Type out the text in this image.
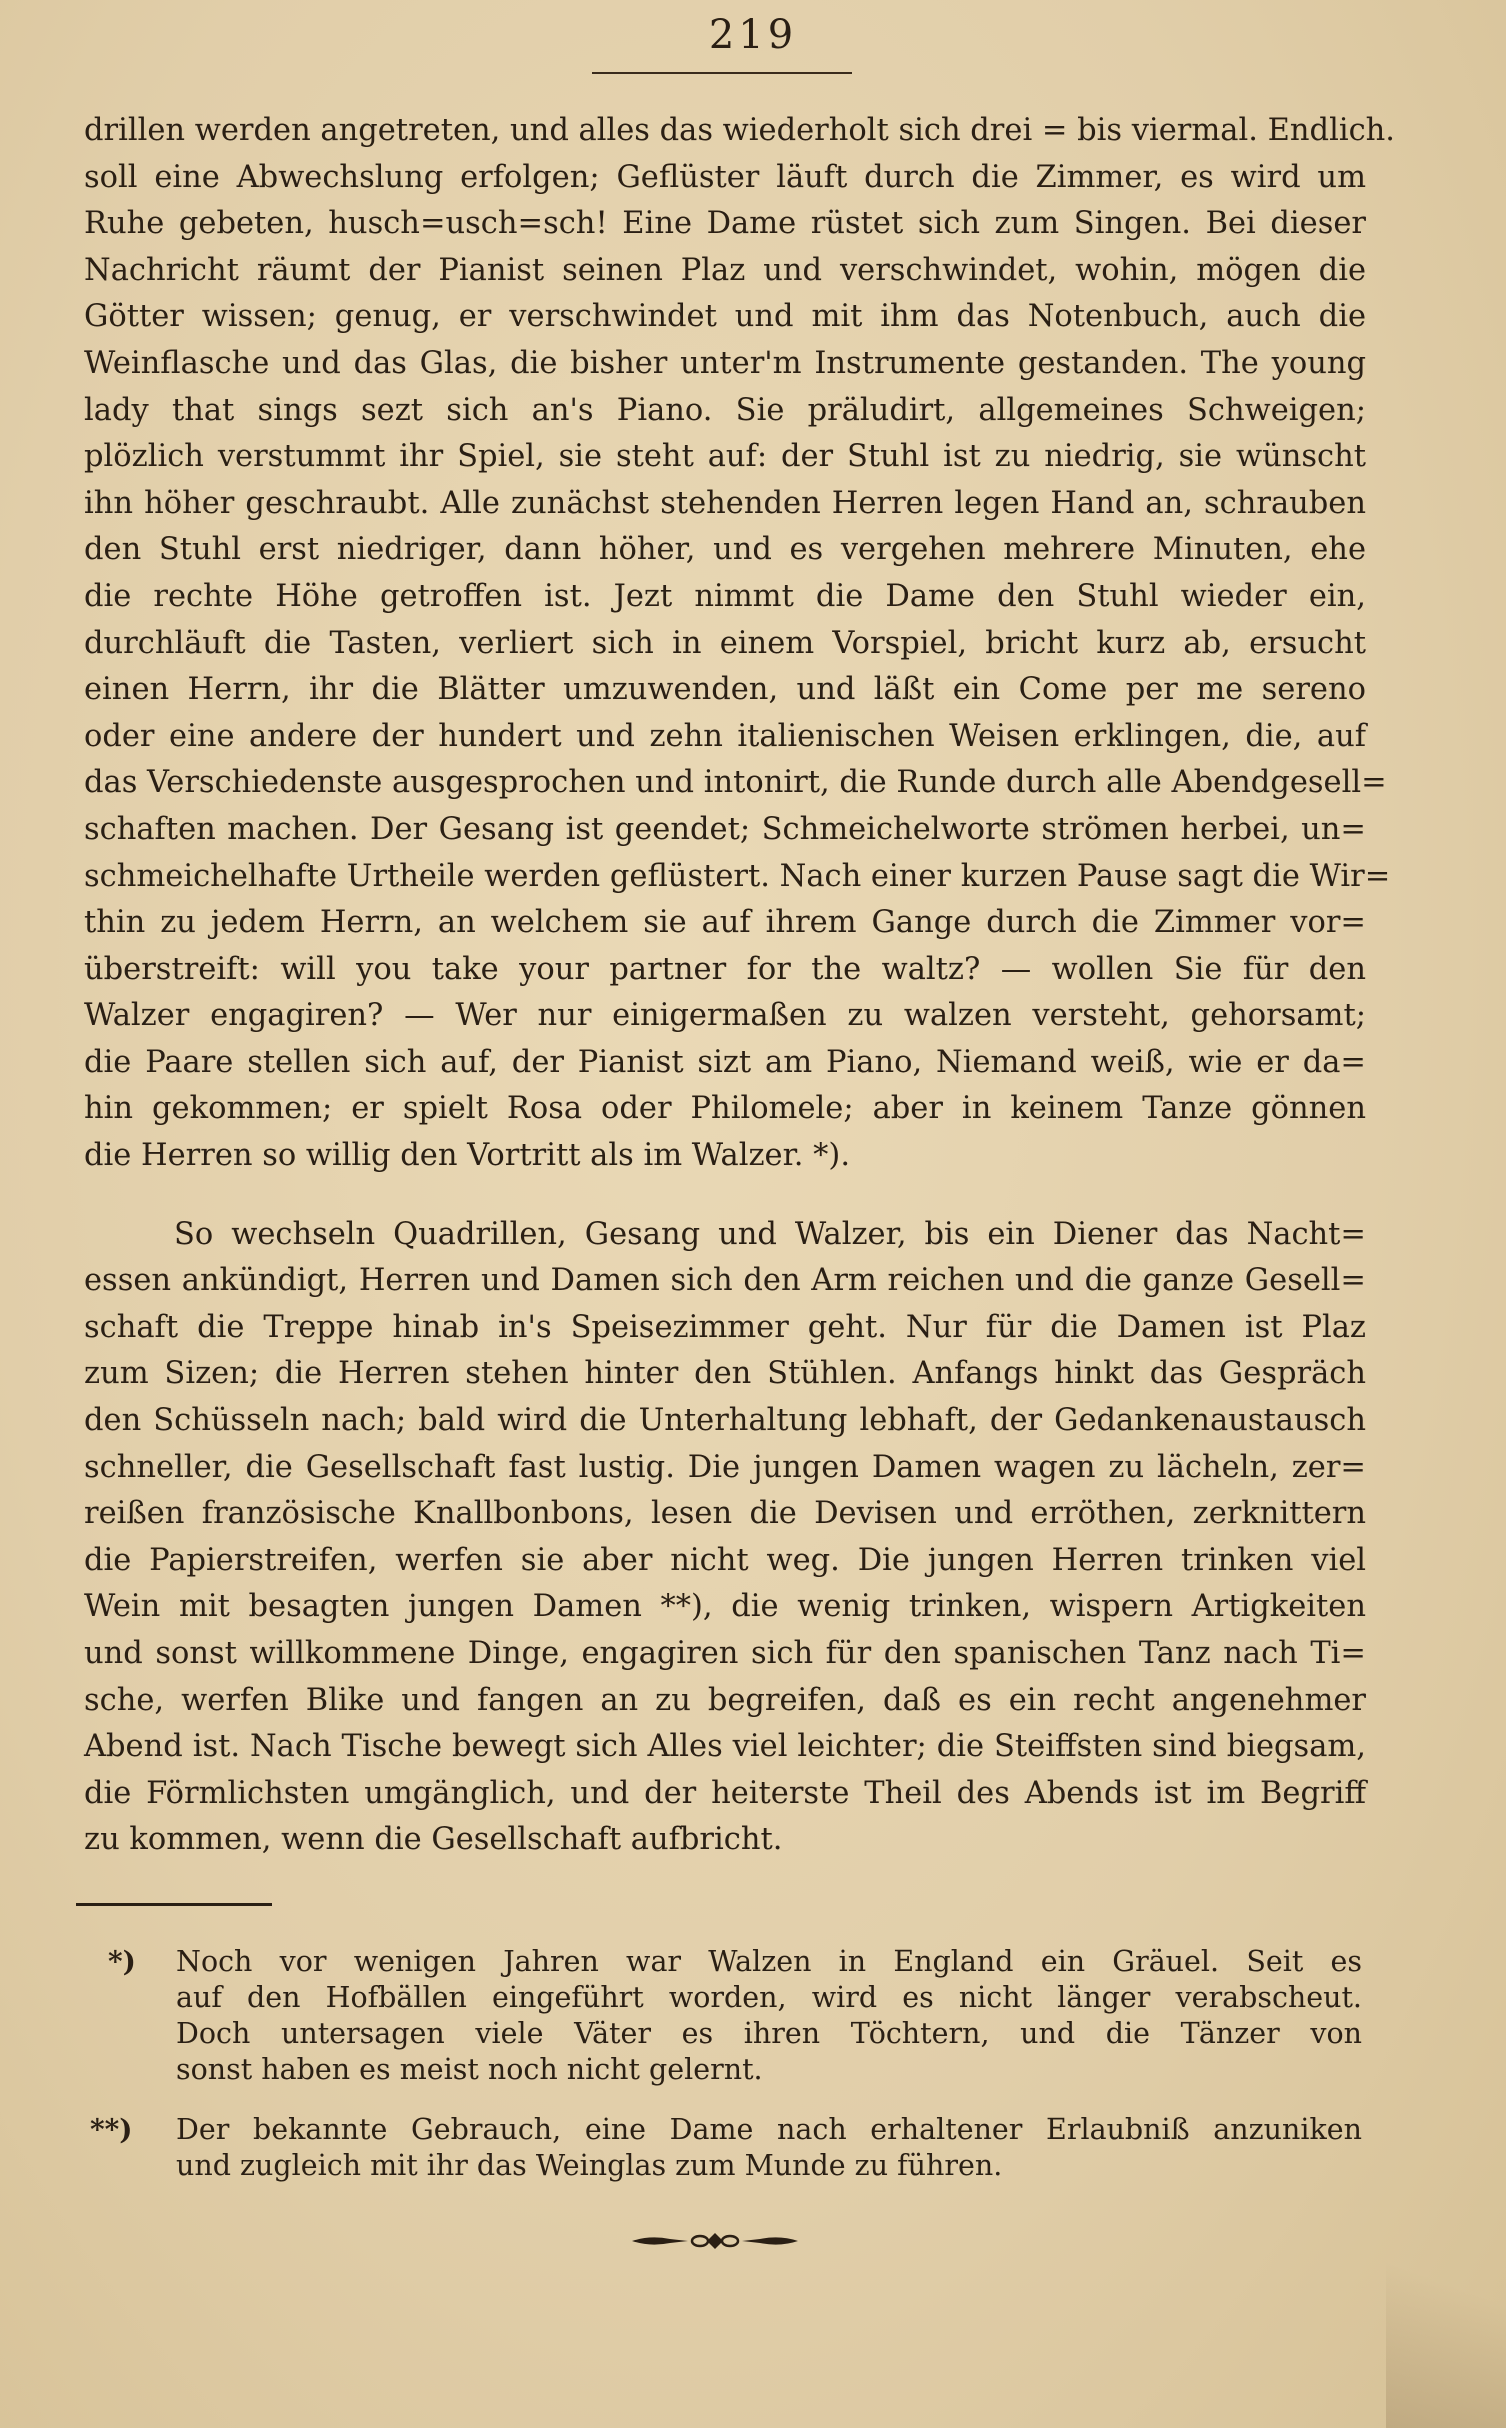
219
drillen werden angetreten, und alles das wiederholt sich drei = bis viermal. Endlich.
soll eine Abwechslung erfolgen; Geflüster läuft durch die Zimmer, es wird um
Ruhe gebeten, husch=usch=sch! Eine Dame rüstet sich zum Singen. Bei dieser
Nachricht räumt der Pianist seinen Plaz und verschwindet, wohin, mögen die
Götter wissen; genug, er verschwindet und mit ihm das Notenbuch, auch die
Weinflasche und das Glas, die bisher unter'm Instrumente gestanden. The young
lady that sings sezt sich an's Piano. Sie präludirt, allgemeines Schweigen;
plözlich verstummt ihr Spiel, sie steht auf: der Stuhl ist zu niedrig, sie wünscht
ihn höher geschraubt. Alle zunächst stehenden Herren legen Hand an, schrauben
den Stuhl erst niedriger, dann höher, und es vergehen mehrere Minuten, ehe
die rechte Höhe getroffen ist. Jezt nimmt die Dame den Stuhl wieder ein,
durchläuft die Tasten, verliert sich in einem Vorspiel, bricht kurz ab, ersucht
einen Herrn, ihr die Blätter umzuwenden, und läßt ein Come per me sereno
oder eine andere der hundert und zehn italienischen Weisen erklingen, die, auf
das Verschiedenste ausgesprochen und intonirt, die Runde durch alle Abendgesell=
schaften machen. Der Gesang ist geendet; Schmeichelworte strömen herbei, un=
schmeichelhafte Urtheile werden geflüstert. Nach einer kurzen Pause sagt die Wir=
thin zu jedem Herrn, an welchem sie auf ihrem Gange durch die Zimmer vor=
überstreift: will you take your partner for the waltz? — wollen Sie für den
Walzer engagiren? — Wer nur einigermaßen zu walzen versteht, gehorsamt;
die Paare stellen sich auf, der Pianist sizt am Piano, Niemand weiß, wie er da=
hin gekommen; er spielt Rosa oder Philomele; aber in keinem Tanze gönnen
die Herren so willig den Vortritt als im Walzer. *).
So wechseln Quadrillen, Gesang und Walzer, bis ein Diener das Nacht=
essen ankündigt, Herren und Damen sich den Arm reichen und die ganze Gesell=
schaft die Treppe hinab in's Speisezimmer geht. Nur für die Damen ist Plaz
zum Sizen; die Herren stehen hinter den Stühlen. Anfangs hinkt das Gespräch
den Schüsseln nach; bald wird die Unterhaltung lebhaft, der Gedankenaustausch
schneller, die Gesellschaft fast lustig. Die jungen Damen wagen zu lächeln, zer=
reißen französische Knallbonbons, lesen die Devisen und erröthen, zerknittern
die Papierstreifen, werfen sie aber nicht weg. Die jungen Herren trinken viel
Wein mit besagten jungen Damen **), die wenig trinken, wispern Artigkeiten
und sonst willkommene Dinge, engagiren sich für den spanischen Tanz nach Ti=
sche, werfen Blike und fangen an zu begreifen, daß es ein recht angenehmer
Abend ist. Nach Tische bewegt sich Alles viel leichter; die Steiffsten sind biegsam,
die Förmlichsten umgänglich, und der heiterste Theil des Abends ist im Begriff
zu kommen, wenn die Gesellschaft aufbricht.
*) Noch vor wenigen Jahren war Walzen in England ein Gräuel. Seit es
auf den Hofbällen eingeführt worden, wird es nicht länger verabscheut.
Doch untersagen viele Väter es ihren Töchtern, und die Tänzer von
sonst haben es meist noch nicht gelernt.
**) Der bekannte Gebrauch, eine Dame nach erhaltener Erlaubniß anzuniken
und zugleich mit ihr das Weinglas zum Munde zu führen.
